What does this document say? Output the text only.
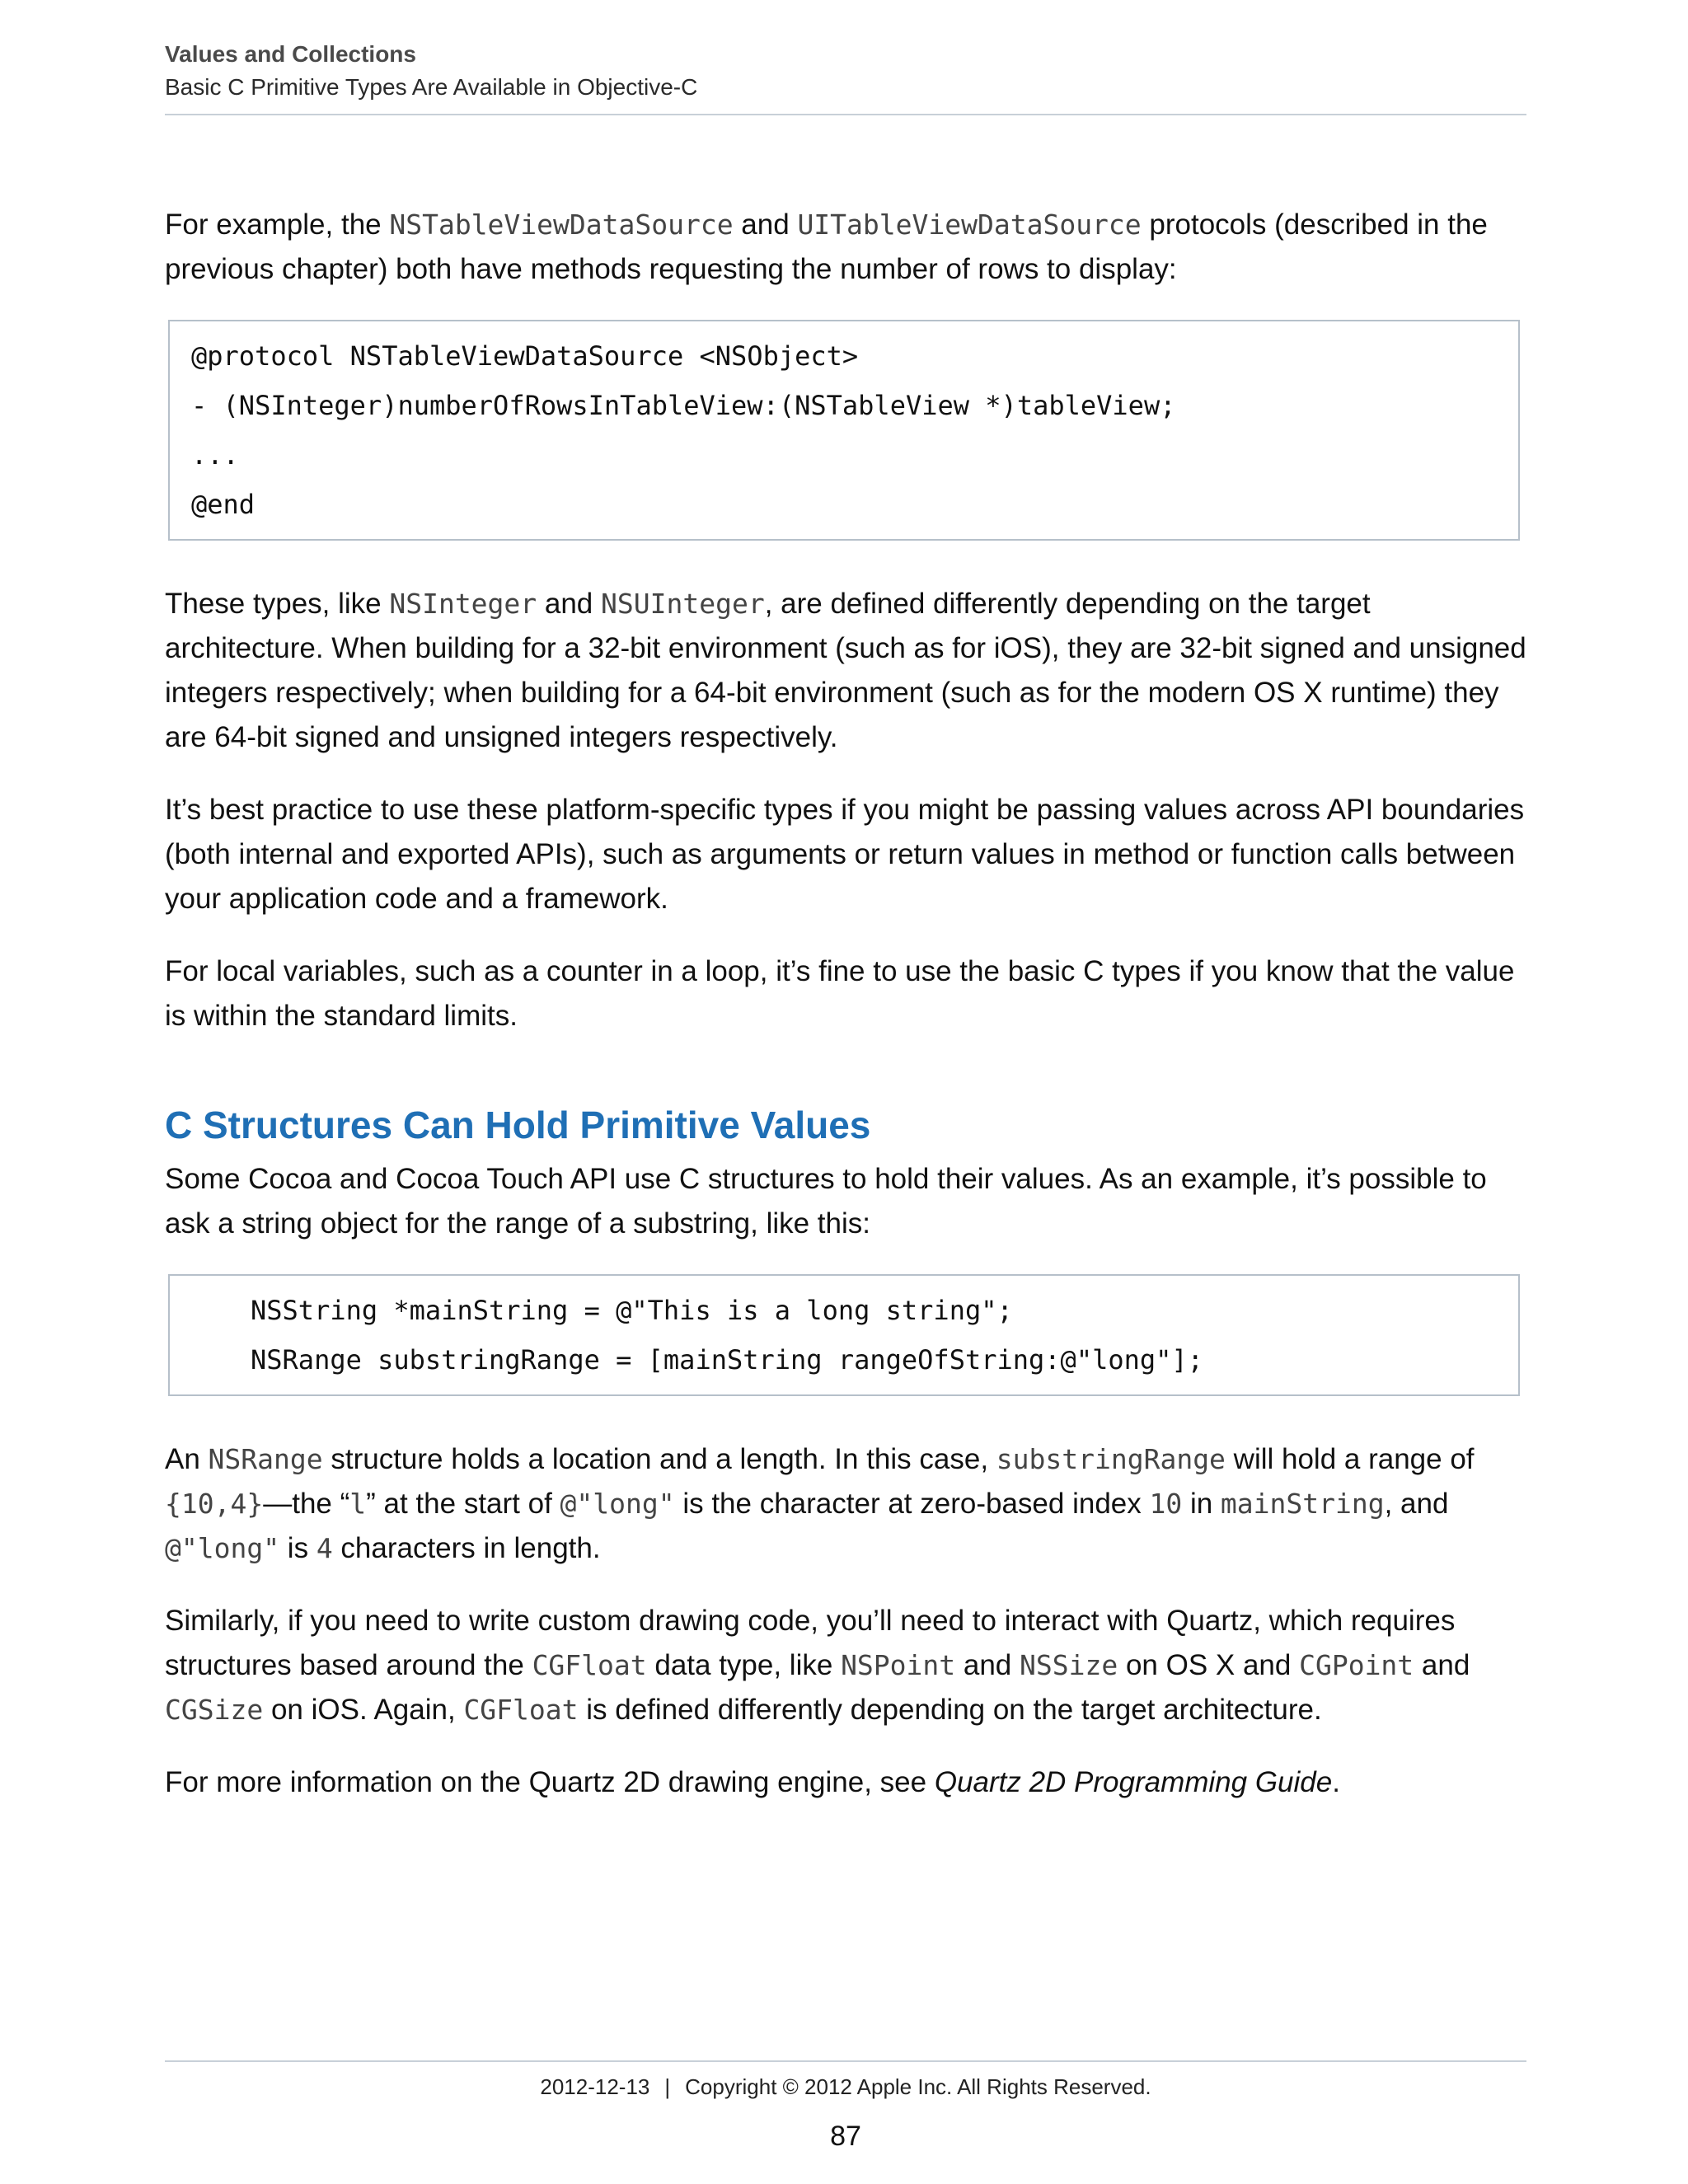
Values and Collections
Basic C Primitive Types Are Available in Objective-C

For example, the NSTableViewDataSource and UITableViewDataSource protocols (described in the previous chapter) both have methods requesting the number of rows to display:

@protocol NSTableViewDataSource <NSObject>
- (NSInteger)numberOfRowsInTableView:(NSTableView *)tableView;
...
@end

These types, like NSInteger and NSUInteger, are defined differently depending on the target architecture. When building for a 32-bit environment (such as for iOS), they are 32-bit signed and unsigned integers respectively; when building for a 64-bit environment (such as for the modern OS X runtime) they are 64-bit signed and unsigned integers respectively.

It’s best practice to use these platform-specific types if you might be passing values across API boundaries (both internal and exported APIs), such as arguments or return values in method or function calls between your application code and a framework.

For local variables, such as a counter in a loop, it’s fine to use the basic C types if you know that the value is within the standard limits.

C Structures Can Hold Primitive Values

Some Cocoa and Cocoa Touch API use C structures to hold their values. As an example, it’s possible to ask a string object for the range of a substring, like this:

NSString *mainString = @"This is a long string";
NSRange substringRange = [mainString rangeOfString:@"long"];

An NSRange structure holds a location and a length. In this case, substringRange will hold a range of {10,4}—the “l” at the start of @"long" is the character at zero-based index 10 in mainString, and @"long" is 4 characters in length.

Similarly, if you need to write custom drawing code, you’ll need to interact with Quartz, which requires structures based around the CGFloat data type, like NSPoint and NSSize on OS X and CGPoint and CGSize on iOS. Again, CGFloat is defined differently depending on the target architecture.

For more information on the Quartz 2D drawing engine, see Quartz 2D Programming Guide.

2012-12-13 | Copyright © 2012 Apple Inc. All Rights Reserved.
87
